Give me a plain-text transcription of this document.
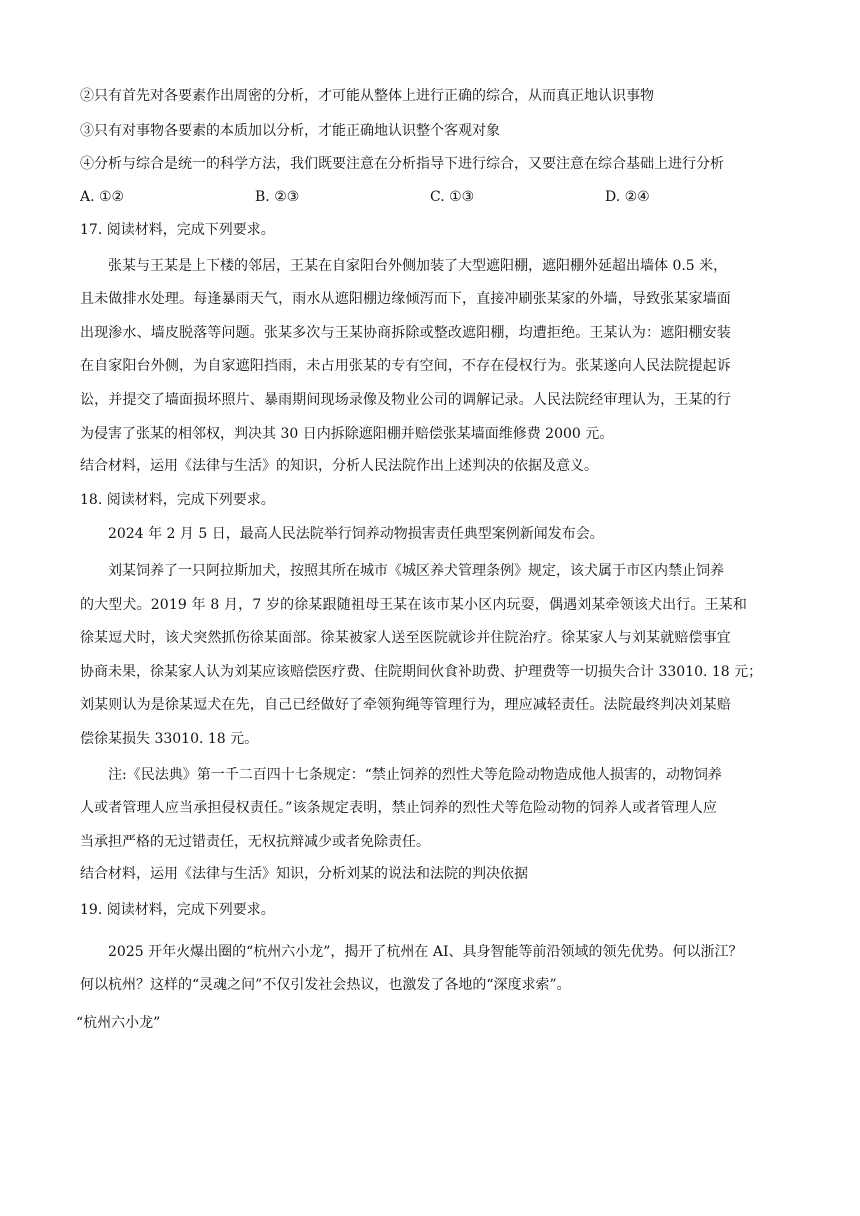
②只有首先对各要素作出周密的分析，才可能从整体上进行正确的综合，从而真正地认识事物
③只有对事物各要素的本质加以分析，才能正确地认识整个客观对象
④分析与综合是统一的科学方法，我们既要注意在分析指导下进行综合，又要注意在综合基础上进行分析
A. ①②	B. ②③	C. ①③	D. ②④
17. 阅读材料，完成下列要求。
张某与王某是上下楼的邻居，王某在自家阳台外侧加装了大型遮阳棚，遮阳棚外延超出墙体 0.5 米，
且未做排水处理。每逢暴雨天气，雨水从遮阳棚边缘倾泻而下，直接冲刷张某家的外墙，导致张某家墙面
出现渗水、墙皮脱落等问题。张某多次与王某协商拆除或整改遮阳棚，均遭拒绝。王某认为：遮阳棚安装
在自家阳台外侧，为自家遮阳挡雨，未占用张某的专有空间，不存在侵权行为。张某遂向人民法院提起诉
讼，并提交了墙面损坏照片、暴雨期间现场录像及物业公司的调解记录。人民法院经审理认为，王某的行
为侵害了张某的相邻权，判决其 30 日内拆除遮阳棚并赔偿张某墙面维修费 2000 元。
结合材料，运用《法律与生活》的知识，分析人民法院作出上述判决的依据及意义。
18. 阅读材料，完成下列要求。
2024 年 2 月 5 日，最高人民法院举行饲养动物损害责任典型案例新闻发布会。
刘某饲养了一只阿拉斯加犬，按照其所在城市《城区养犬管理条例》规定，该犬属于市区内禁止饲养
的大型犬。2019 年 8 月，7 岁的徐某跟随祖母王某在该市某小区内玩耍，偶遇刘某牵领该犬出行。王某和
徐某逗犬时，该犬突然抓伤徐某面部。徐某被家人送至医院就诊并住院治疗。徐某家人与刘某就赔偿事宜
协商未果，徐某家人认为刘某应该赔偿医疗费、住院期间伙食补助费、护理费等一切损失合计 33010. 18 元；
刘某则认为是徐某逗犬在先，自己已经做好了牵领狗绳等管理行为，理应减轻责任。法院最终判决刘某赔
偿徐某损失 33010. 18 元。
注:《民法典》第一千二百四十七条规定：“禁止饲养的烈性犬等危险动物造成他人损害的，动物饲养
人或者管理人应当承担侵权责任。”该条规定表明，禁止饲养的烈性犬等危险动物的饲养人或者管理人应
当承担严格的无过错责任，无权抗辩减少或者免除责任。
结合材料，运用《法律与生活》知识，分析刘某的说法和法院的判决依据
19. 阅读材料，完成下列要求。
2025 开年火爆出圈的“杭州六小龙”，揭开了杭州在 AI、具身智能等前沿领域的领先优势。何以浙江？
何以杭州？这样的“灵魂之问”不仅引发社会热议，也激发了各地的“深度求索”。
“杭州六小龙”
